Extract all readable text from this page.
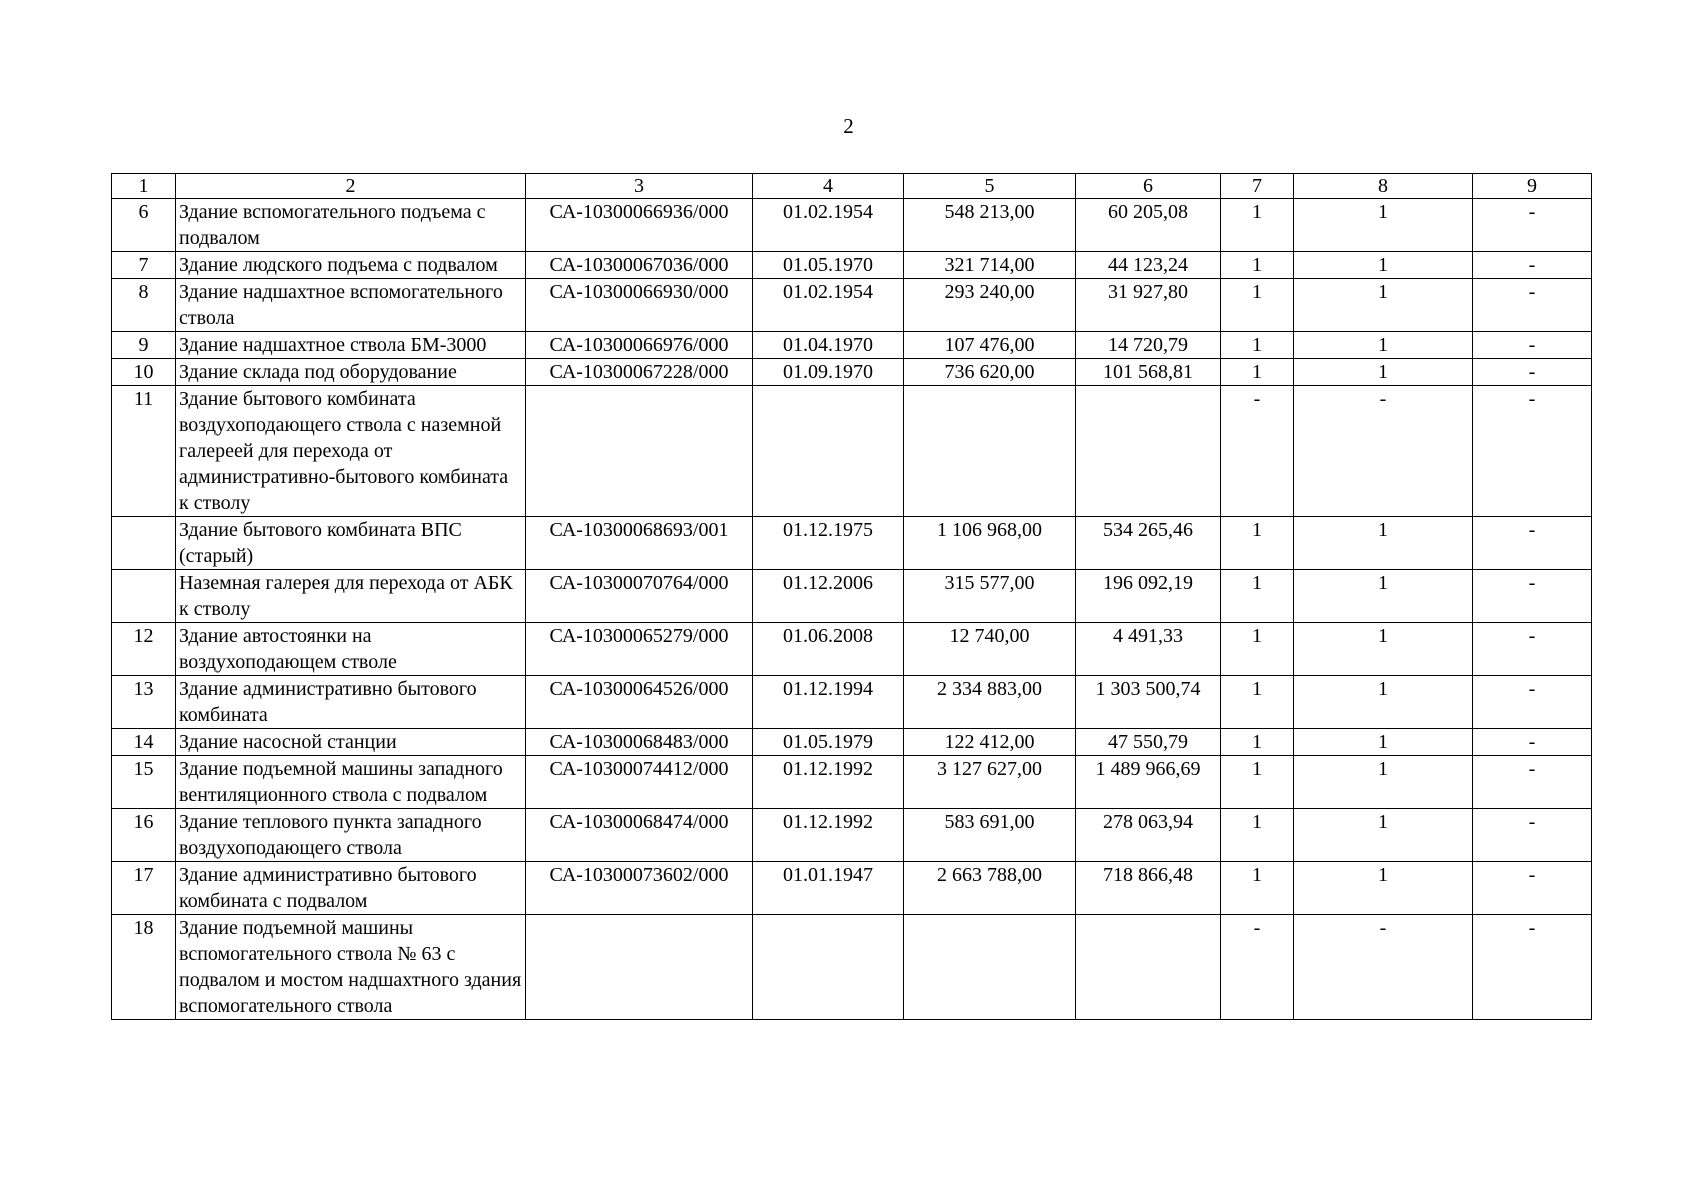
2
1	2	3	4	5	6	7	8	9
6	Здание вспомогательного подъема с подвалом	СА-10300066936/000	01.02.1954	548 213,00	60 205,08	1	1	-
7	Здание людского подъема с подвалом	СА-10300067036/000	01.05.1970	321 714,00	44 123,24	1	1	-
8	Здание надшахтное вспомогательного ствола	СА-10300066930/000	01.02.1954	293 240,00	31 927,80	1	1	-
9	Здание надшахтное ствола БМ-3000	СА-10300066976/000	01.04.1970	107 476,00	14 720,79	1	1	-
10	Здание склада под оборудование	СА-10300067228/000	01.09.1970	736 620,00	101 568,81	1	1	-
11	Здание бытового комбината воздухоподающего ствола с наземной галереей для перехода от административно-бытового комбината к стволу					-	-	-
	Здание бытового комбината ВПС (старый)	СА-10300068693/001	01.12.1975	1 106 968,00	534 265,46	1	1	-
	Наземная галерея для перехода от АБК к стволу	СА-10300070764/000	01.12.2006	315 577,00	196 092,19	1	1	-
12	Здание автостоянки на воздухоподающем стволе	СА-10300065279/000	01.06.2008	12 740,00	4 491,33	1	1	-
13	Здание административно бытового комбината	СА-10300064526/000	01.12.1994	2 334 883,00	1 303 500,74	1	1	-
14	Здание насосной станции	СА-10300068483/000	01.05.1979	122 412,00	47 550,79	1	1	-
15	Здание подъемной машины западного вентиляционного ствола с подвалом	СА-10300074412/000	01.12.1992	3 127 627,00	1 489 966,69	1	1	-
16	Здание теплового пункта западного воздухоподающего ствола	СА-10300068474/000	01.12.1992	583 691,00	278 063,94	1	1	-
17	Здание административно бытового комбината с подвалом	СА-10300073602/000	01.01.1947	2 663 788,00	718 866,48	1	1	-
18	Здание подъемной машины вспомогательного ствола № 63 с подвалом и мостом надшахтного здания вспомогательного ствола					-	-	-
